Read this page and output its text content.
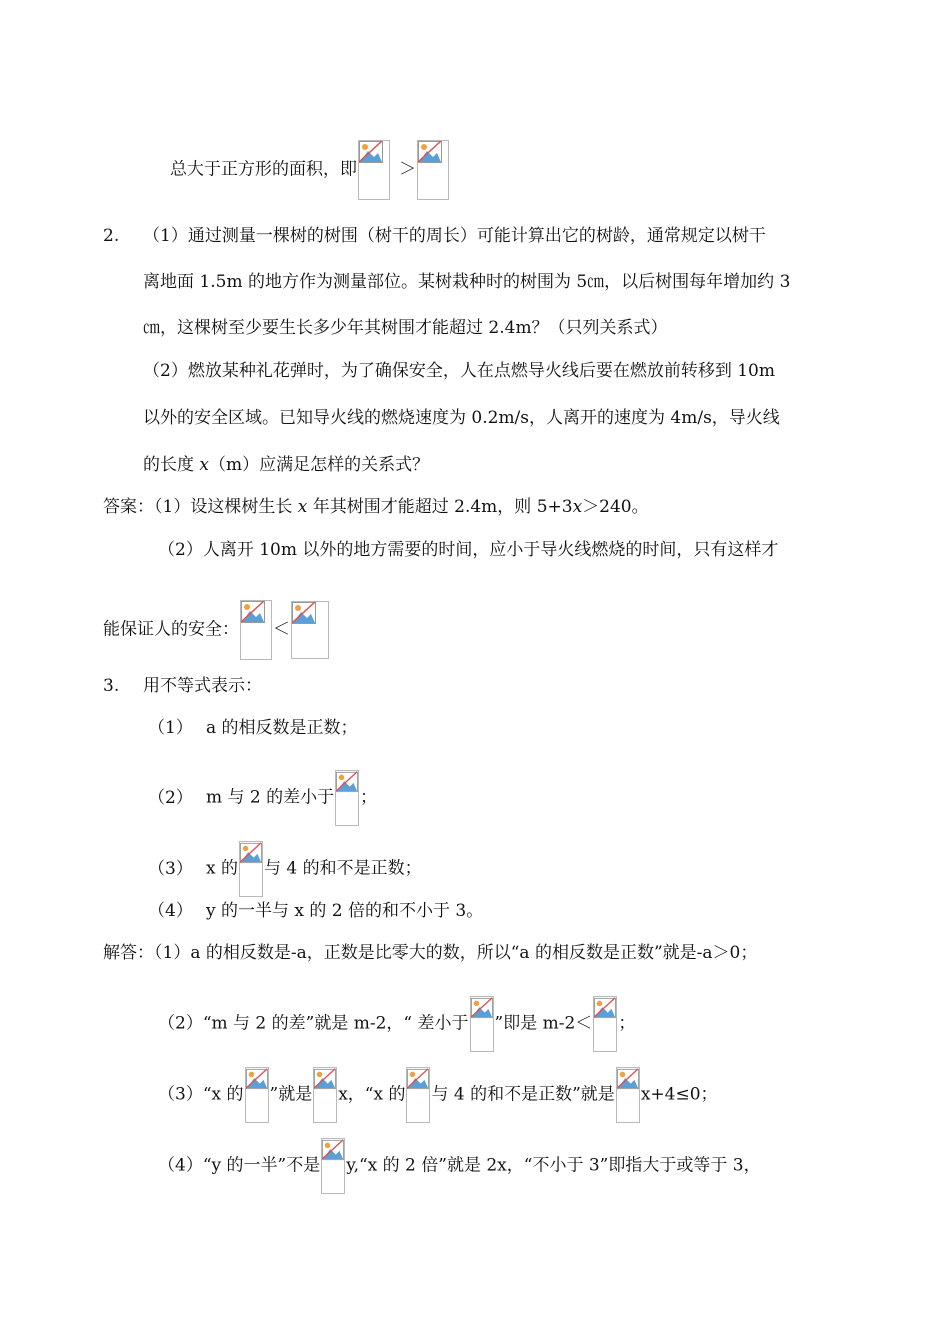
总大于正方形的面积，即 ＞
2. （1）通过测量一棵树的树围（树干的周长）可能计算出它的树龄，通常规定以树干
离地面 1.5m 的地方作为测量部位。某树栽种时的树围为 5㎝，以后树围每年增加约 3
㎝，这棵树至少要生长多少年其树围才能超过 2.4m？（只列关系式）
（2）燃放某种礼花弹时，为了确保安全，人在点燃导火线后要在燃放前转移到 10m
以外的安全区域。已知导火线的燃烧速度为 0.2m/s，人离开的速度为 4m/s，导火线
的长度 x（m）应满足怎样的关系式？
答案：（1）设这棵树生长 x 年其树围才能超过 2.4m，则 5+3x＞240。
（2）人离开 10m 以外的地方需要的时间，应小于导火线燃烧的时间，只有这样才
能保证人的安全： ＜
3. 用不等式表示：
（1） a 的相反数是正数；
（2） m 与 2 的差小于 ；
（3） x 的 与 4 的和不是正数；
（4） y 的一半与 x 的 2 倍的和不小于 3。
解答：（1）a 的相反数是-a，正数是比零大的数，所以“a 的相反数是正数”就是-a＞0；
（2）“m 与 2 的差”就是 m-2，“ 差小于 ”即是 m-2＜ ；
（3）“x 的 ”就是 x，“x 的 与 4 的和不是正数”就是 x+4≤0；
（4）“y 的一半”不是 y,“x 的 2 倍”就是 2x，“不小于 3”即指大于或等于 3，
